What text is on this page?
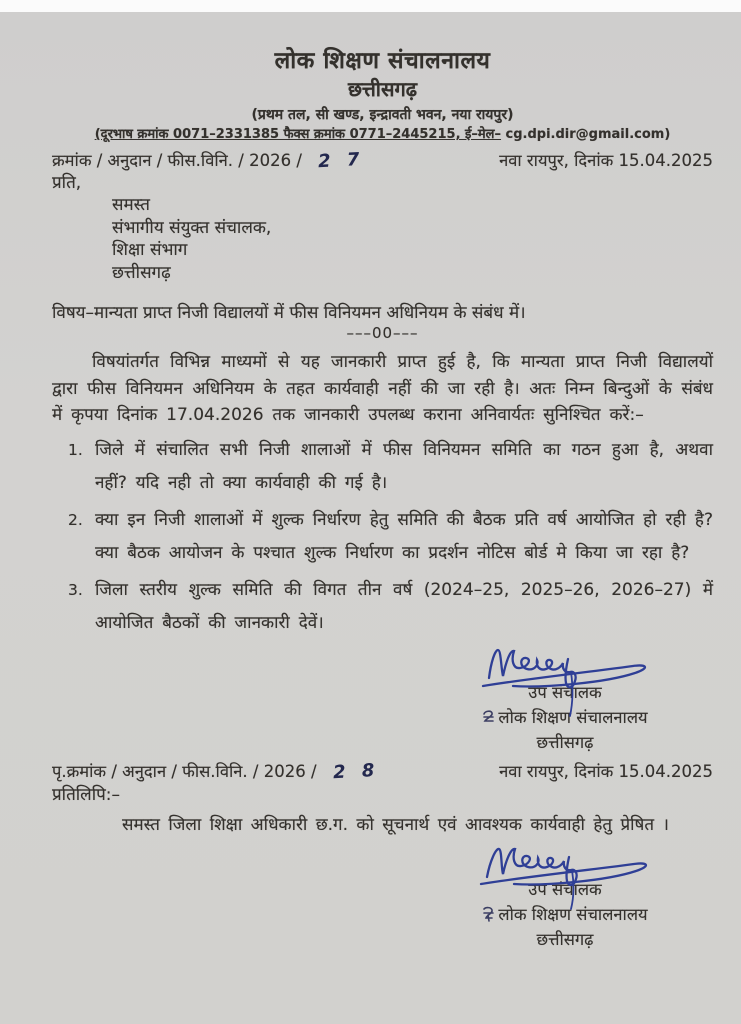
लोक शिक्षण संचालनालय
छत्तीसगढ़
(प्रथम तल, सी खण्ड, इन्द्रावती भवन, नया रायपुर)
(दूरभाष क्रमांक 0071–2331385 फैक्स क्रमांक 0771–2445215, ई–मेल– cg.dpi.dir@gmail.com)
क्रमांक / अनुदान / फीस.विनि. / 2026 / 2 7	नवा रायपुर, दिनांक 15.04.2025
प्रति,
समस्त
संभागीय संयुक्त संचालक,
शिक्षा संभाग
छत्तीसगढ़
विषय–मान्यता प्राप्त निजी विद्यालयों में फीस विनियमन अधिनियम के संबंध में।
–––00–––
विषयांतर्गत विभिन्न माध्यमों से यह जानकारी प्राप्त हुई है, कि मान्यता प्राप्त निजी विद्यालयों द्वारा फीस विनियमन अधिनियम के तहत कार्यवाही नहीं की जा रही है। अतः निम्न बिन्दुओं के संबंध में कृपया दिनांक 17.04.2026 तक जानकारी उपलब्ध कराना अनिवार्यतः सुनिश्चित करें:–
1. जिले में संचालित सभी निजी शालाओं में फीस विनियमन समिति का गठन हुआ है, अथवा नहीं? यदि नही तो क्या कार्यवाही की गई है।
2. क्या इन निजी शालाओं में शुल्क निर्धारण हेतु समिति की बैठक प्रति वर्ष आयोजित हो रही है? क्या बैठक आयोजन के पश्चात शुल्क निर्धारण का प्रदर्शन नोटिस बोर्ड मे किया जा रहा है?
3. जिला स्तरीय शुल्क समिति की विगत तीन वर्ष (2024–25, 2025–26, 2026–27) में आयोजित बैठकों की जानकारी देवें।
उप संचालक
लोक शिक्षण संचालनालय
छत्तीसगढ़
पृ.क्रमांक / अनुदान / फीस.विनि. / 2026 / 2 8	नवा रायपुर, दिनांक 15.04.2025
प्रतिलिपि:–
समस्त जिला शिक्षा अधिकारी छ.ग. को सूचनार्थ एवं आवश्यक कार्यवाही हेतु प्रेषित ।
उप संचालक
लोक शिक्षण संचालनालय
छत्तीसगढ़
